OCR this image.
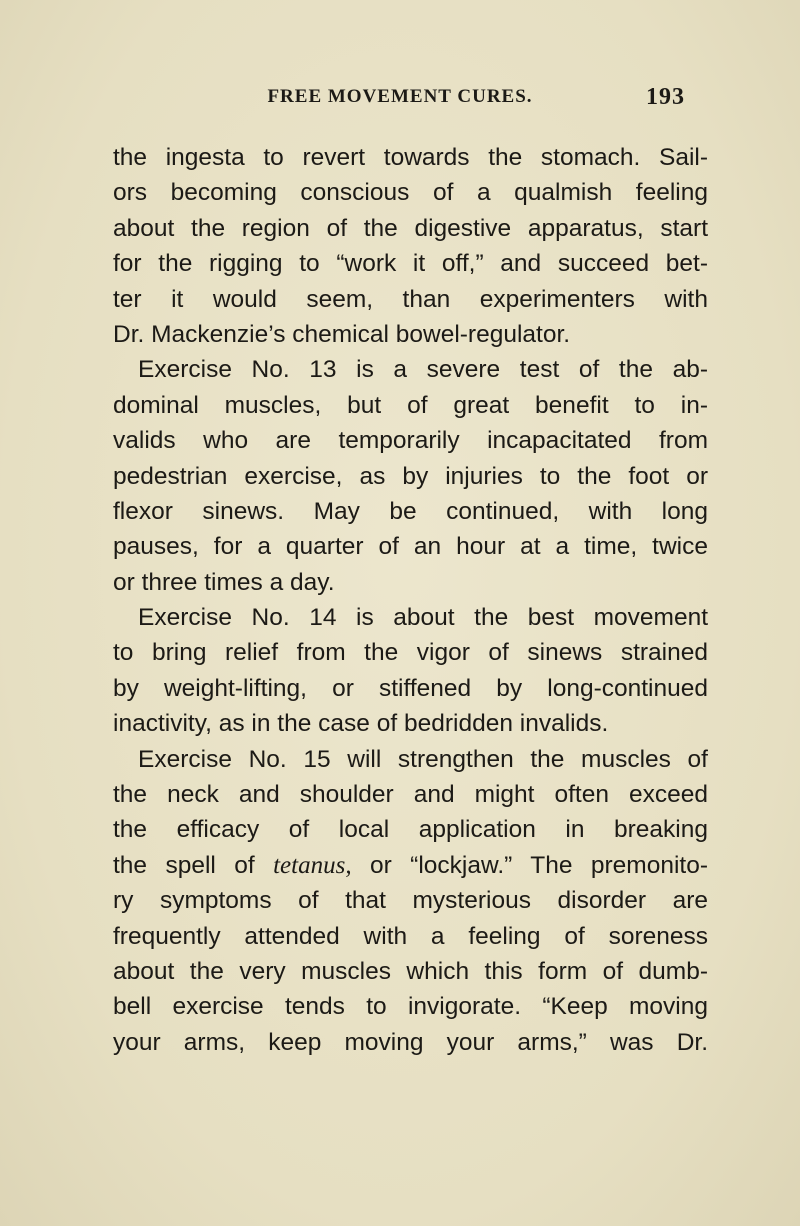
FREE MOVEMENT CURES.	193
the ingesta to revert towards the stomach. Sail-
ors becoming conscious of a qualmish feeling
about the region of the digestive apparatus, start
for the rigging to “work it off,” and succeed bet-
ter it would seem, than experimenters with
Dr. Mackenzie’s chemical bowel-regulator.
Exercise No. 13 is a severe test of the ab-
dominal muscles, but of great benefit to in-
valids who are temporarily incapacitated from
pedestrian exercise, as by injuries to the foot or
flexor sinews. May be continued, with long
pauses, for a quarter of an hour at a time, twice
or three times a day.
Exercise No. 14 is about the best movement
to bring relief from the vigor of sinews strained
by weight-lifting, or stiffened by long-continued
inactivity, as in the case of bedridden invalids.
Exercise No. 15 will strengthen the muscles of
the neck and shoulder and might often exceed
the efficacy of local application in breaking
the spell of tetanus, or “lockjaw.” The premonito-
ry symptoms of that mysterious disorder are
frequently attended with a feeling of soreness
about the very muscles which this form of dumb-
bell exercise tends to invigorate. “Keep moving
your arms, keep moving your arms,” was Dr.
